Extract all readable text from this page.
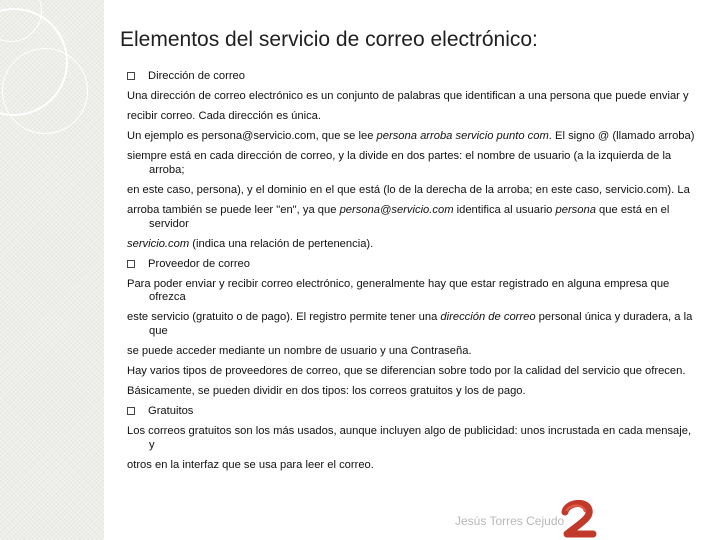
Elementos del servicio de correo electrónico:
Dirección de correo

Una dirección de correo electrónico es un conjunto de palabras que identifican a una persona que puede enviar y

recibir correo. Cada dirección es única.

Un ejemplo es persona@servicio.com, que se lee persona arroba servicio punto com. El signo @ (llamado arroba)

siempre está en cada dirección de correo, y la divide en dos partes: el nombre de usuario (a la izquierda de la arroba;

en este caso, persona), y el dominio en el que está (lo de la derecha de la arroba; en este caso, servicio.com). La

arroba también se puede leer "en", ya que persona@servicio.com identifica al usuario persona que está en el servidor

servicio.com (indica una relación de pertenencia).

Proveedor de correo

Para poder enviar y recibir correo electrónico, generalmente hay que estar registrado en alguna empresa que ofrezca

este servicio (gratuito o de pago). El registro permite tener una dirección de correo personal única y duradera, a la que

se puede acceder mediante un nombre de usuario y una Contraseña.

Hay varios tipos de proveedores de correo, que se diferencian sobre todo por la calidad del servicio que ofrecen.

Básicamente, se pueden dividir en dos tipos: los correos gratuitos y los de pago.

Gratuitos

Los correos gratuitos son los más usados, aunque incluyen algo de publicidad: unos incrustada en cada mensaje, y

otros en la interfaz que se usa para leer el correo.

Jesús Torres Cejudo
